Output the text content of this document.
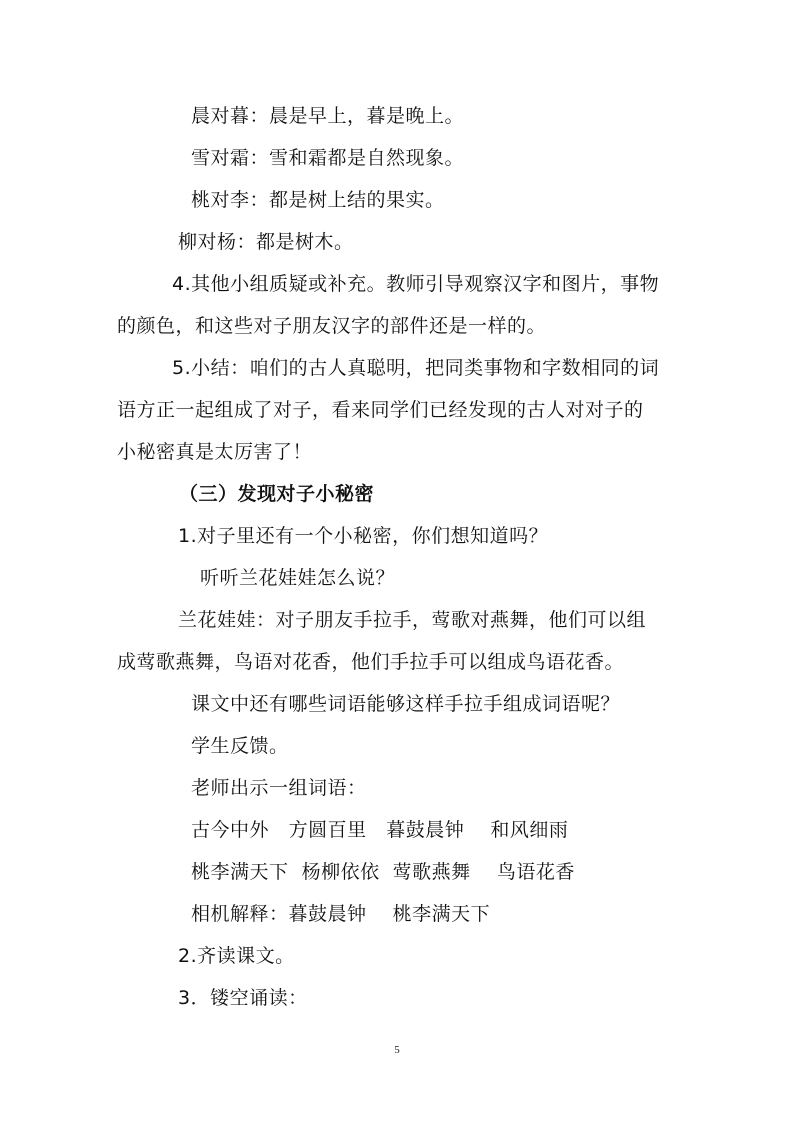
晨对暮：晨是早上，暮是晚上。
雪对霜：雪和霜都是自然现象。
桃对李：都是树上结的果实。
柳对杨：都是树木。
4.其他小组质疑或补充。教师引导观察汉字和图片，事物
的颜色，和这些对子朋友汉字的部件还是一样的。
5.小结：咱们的古人真聪明，把同类事物和字数相同的词
语方正一起组成了对子，看来同学们已经发现的古人对对子的
小秘密真是太厉害了！
（三）发现对子小秘密
1.对子里还有一个小秘密，你们想知道吗？
听听兰花娃娃怎么说？
兰花娃娃：对子朋友手拉手，莺歌对燕舞，他们可以组
成莺歌燕舞，鸟语对花香，他们手拉手可以组成鸟语花香。
课文中还有哪些词语能够这样手拉手组成词语呢？
学生反馈。
老师出示一组词语：
古今中外   方圆百里   暮鼓晨钟    和风细雨
桃李满天下  杨柳依依  莺歌燕舞    鸟语花香
相机解释：暮鼓晨钟    桃李满天下
2.齐读课文。
3．镂空诵读：
5
